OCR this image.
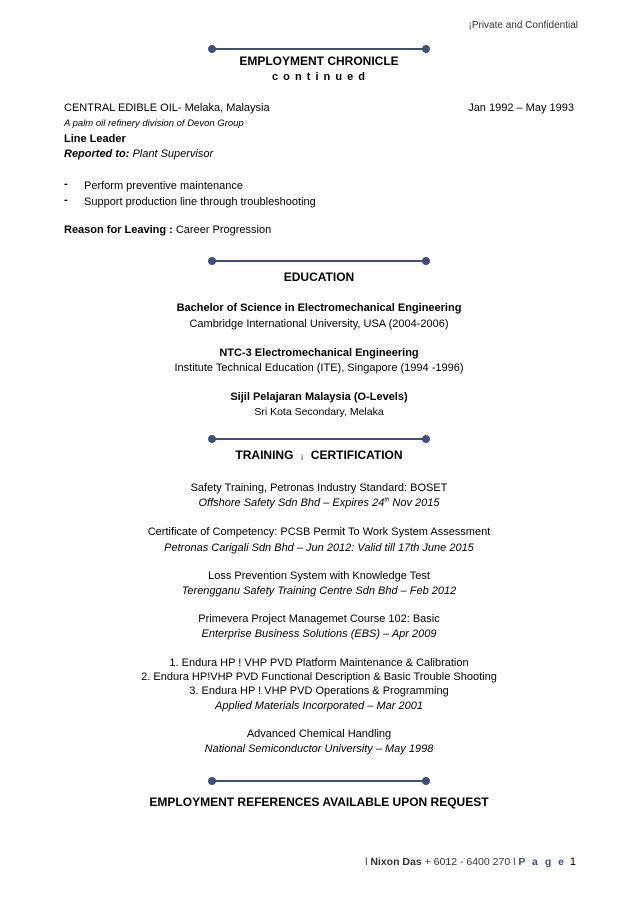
¡Private and Confidential
EMPLOYMENT CHRONICLE
c o n t i n u e d
CENTRAL EDIBLE OIL- Melaka, Malaysia	Jan 1992 – May 1993
A palm oil refinery division of Devon Group
Line Leader
Reported to: Plant Supervisor
- Perform preventive maintenance
- Support production line through troubleshooting
Reason for Leaving : Career Progression
EDUCATION
Bachelor of Science in Electromechanical Engineering
Cambridge International University, USA (2004-2006)
NTC-3 Electromechanical Engineering
Institute Technical Education (ITE), Singapore (1994 -1996)
Sijil Pelajaran Malaysia (O-Levels)
Sri Kota Secondary, Melaka
TRAINING ¡ CERTIFICATION
Safety Training, Petronas Industry Standard: BOSET
Offshore Safety Sdn Bhd – Expires 24th Nov 2015
Certificate of Competency: PCSB Permit To Work System Assessment
Petronas Carigali Sdn Bhd – Jun 2012: Valid till 17th June 2015
Loss Prevention System with Knowledge Test
Terengganu Safety Training Centre Sdn Bhd – Feb 2012
Primevera Project Managemet Course 102: Basic
Enterprise Business Solutions (EBS) – Apr 2009
1. Endura HP ! VHP PVD Platform Maintenance & Calibration
2. Endura HP!VHP PVD Functional Description & Basic Trouble Shooting
3. Endura HP ! VHP PVD Operations & Programming
Applied Materials Incorporated – Mar 2001
Advanced Chemical Handling
National Semiconductor University – May 1998
EMPLOYMENT REFERENCES AVAILABLE UPON REQUEST
l Nixon Das + 6012 - 6400 270 l P a g e 1
